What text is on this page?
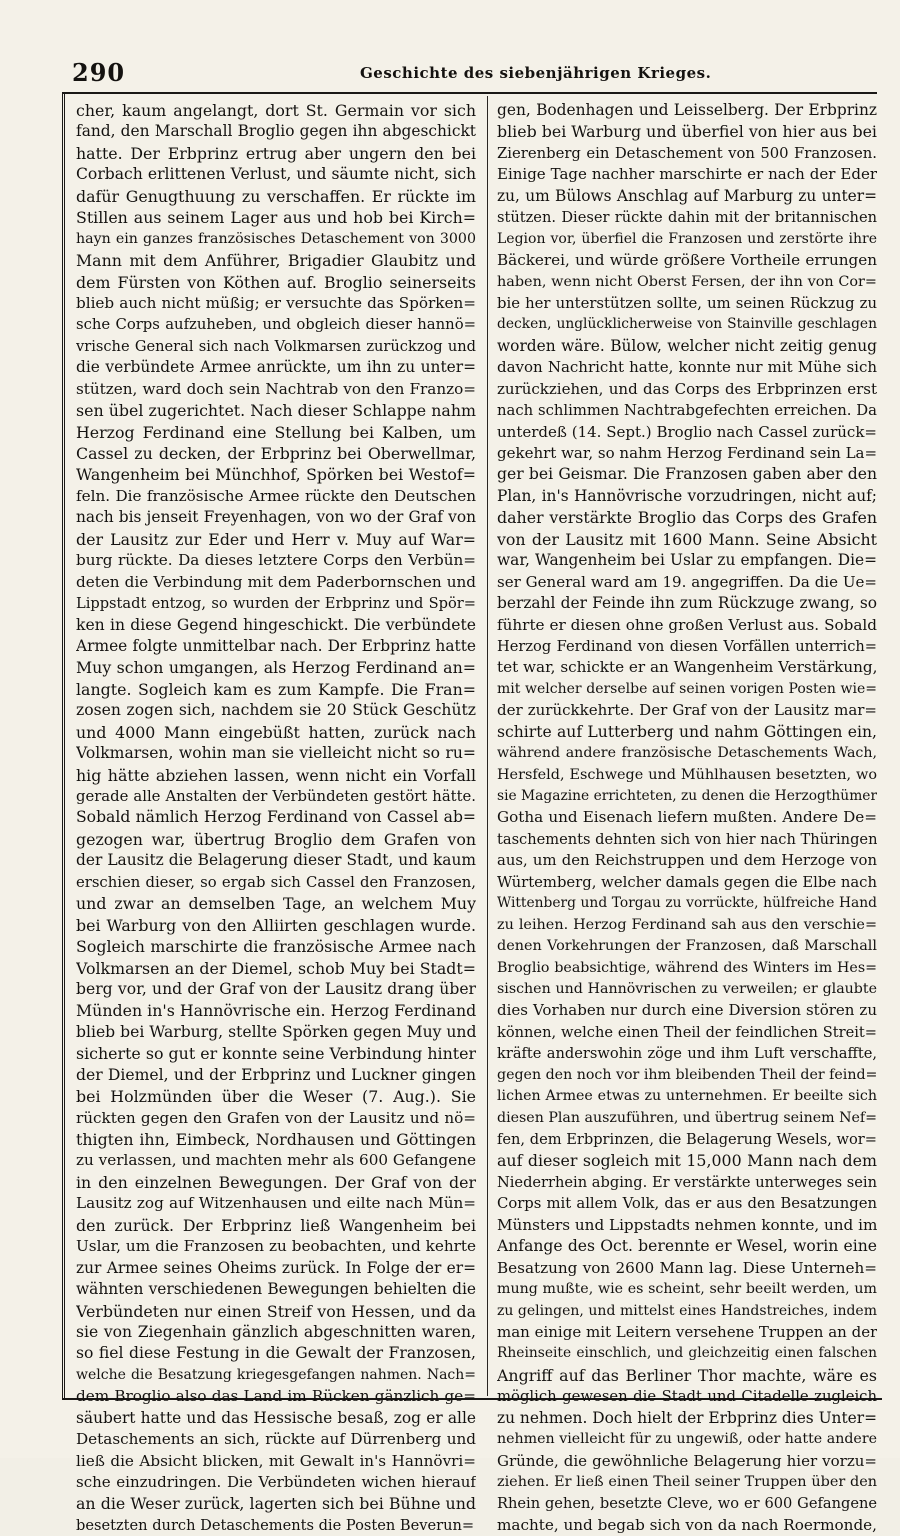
290	Geschichte des siebenjährigen Krieges.
cher, kaum angelangt, dort St. Germain vor sich
fand, den Marschall Broglio gegen ihn abgeschickt
hatte. Der Erbprinz ertrug aber ungern den bei
Corbach erlittenen Verlust, und säumte nicht, sich
dafür Genugthuung zu verschaffen. Er rückte im
Stillen aus seinem Lager aus und hob bei Kirch=
hayn ein ganzes französisches Detaschement von 3000
Mann mit dem Anführer, Brigadier Glaubitz und
dem Fürsten von Köthen auf. Broglio seinerseits
blieb auch nicht müßig; er versuchte das Spörken=
sche Corps aufzuheben, und obgleich dieser hannö=
vrische General sich nach Volkmarsen zurückzog und
die verbündete Armee anrückte, um ihn zu unter=
stützen, ward doch sein Nachtrab von den Franzo=
sen übel zugerichtet. Nach dieser Schlappe nahm
Herzog Ferdinand eine Stellung bei Kalben, um
Cassel zu decken, der Erbprinz bei Oberwellmar,
Wangenheim bei Münchhof, Spörken bei Westof=
feln. Die französische Armee rückte den Deutschen
nach bis jenseit Freyenhagen, von wo der Graf von
der Lausitz zur Eder und Herr v. Muy auf War=
burg rückte. Da dieses letztere Corps den Verbün=
deten die Verbindung mit dem Paderbornschen und
Lippstadt entzog, so wurden der Erbprinz und Spör=
ken in diese Gegend hingeschickt. Die verbündete
Armee folgte unmittelbar nach. Der Erbprinz hatte
Muy schon umgangen, als Herzog Ferdinand an=
langte. Sogleich kam es zum Kampfe. Die Fran=
zosen zogen sich, nachdem sie 20 Stück Geschütz
und 4000 Mann eingebüßt hatten, zurück nach
Volkmarsen, wohin man sie vielleicht nicht so ru=
hig hätte abziehen lassen, wenn nicht ein Vorfall
gerade alle Anstalten der Verbündeten gestört hätte.
Sobald nämlich Herzog Ferdinand von Cassel ab=
gezogen war, übertrug Broglio dem Grafen von
der Lausitz die Belagerung dieser Stadt, und kaum
erschien dieser, so ergab sich Cassel den Franzosen,
und zwar an demselben Tage, an welchem Muy
bei Warburg von den Alliirten geschlagen wurde.
Sogleich marschirte die französische Armee nach
Volkmarsen an der Diemel, schob Muy bei Stadt=
berg vor, und der Graf von der Lausitz drang über
Münden in's Hannövrische ein. Herzog Ferdinand
blieb bei Warburg, stellte Spörken gegen Muy und
sicherte so gut er konnte seine Verbindung hinter
der Diemel, und der Erbprinz und Luckner gingen
bei Holzmünden über die Weser (7. Aug.). Sie
rückten gegen den Grafen von der Lausitz und nö=
thigten ihn, Eimbeck, Nordhausen und Göttingen
zu verlassen, und machten mehr als 600 Gefangene
in den einzelnen Bewegungen. Der Graf von der
Lausitz zog auf Witzenhausen und eilte nach Mün=
den zurück. Der Erbprinz ließ Wangenheim bei
Uslar, um die Franzosen zu beobachten, und kehrte
zur Armee seines Oheims zurück. In Folge der er=
wähnten verschiedenen Bewegungen behielten die
Verbündeten nur einen Streif von Hessen, und da
sie von Ziegenhain gänzlich abgeschnitten waren,
so fiel diese Festung in die Gewalt der Franzosen,
welche die Besatzung kriegesgefangen nahmen. Nach=
dem Broglio also das Land im Rücken gänzlich ge=
säubert hatte und das Hessische besaß, zog er alle
Detaschements an sich, rückte auf Dürrenberg und
ließ die Absicht blicken, mit Gewalt in's Hannövri=
sche einzudringen. Die Verbündeten wichen hierauf
an die Weser zurück, lagerten sich bei Bühne und
besetzten durch Detaschements die Posten Beverun=
gen, Bodenhagen und Leisselberg. Der Erbprinz
blieb bei Warburg und überfiel von hier aus bei
Zierenberg ein Detaschement von 500 Franzosen.
Einige Tage nachher marschirte er nach der Eder
zu, um Bülows Anschlag auf Marburg zu unter=
stützen. Dieser rückte dahin mit der britannischen
Legion vor, überfiel die Franzosen und zerstörte ihre
Bäckerei, und würde größere Vortheile errungen
haben, wenn nicht Oberst Fersen, der ihn von Cor=
bie her unterstützen sollte, um seinen Rückzug zu
decken, unglücklicherweise von Stainville geschlagen
worden wäre. Bülow, welcher nicht zeitig genug
davon Nachricht hatte, konnte nur mit Mühe sich
zurückziehen, und das Corps des Erbprinzen erst
nach schlimmen Nachtrabgefechten erreichen. Da
unterdeß (14. Sept.) Broglio nach Cassel zurück=
gekehrt war, so nahm Herzog Ferdinand sein La=
ger bei Geismar. Die Franzosen gaben aber den
Plan, in's Hannövrische vorzudringen, nicht auf;
daher verstärkte Broglio das Corps des Grafen
von der Lausitz mit 1600 Mann. Seine Absicht
war, Wangenheim bei Uslar zu empfangen. Die=
ser General ward am 19. angegriffen. Da die Ue=
berzahl der Feinde ihn zum Rückzuge zwang, so
führte er diesen ohne großen Verlust aus. Sobald
Herzog Ferdinand von diesen Vorfällen unterrich=
tet war, schickte er an Wangenheim Verstärkung,
mit welcher derselbe auf seinen vorigen Posten wie=
der zurückkehrte. Der Graf von der Lausitz mar=
schirte auf Lutterberg und nahm Göttingen ein,
während andere französische Detaschements Wach,
Hersfeld, Eschwege und Mühlhausen besetzten, wo
sie Magazine errichteten, zu denen die Herzogthümer
Gotha und Eisenach liefern mußten. Andere De=
taschements dehnten sich von hier nach Thüringen
aus, um den Reichstruppen und dem Herzoge von
Würtemberg, welcher damals gegen die Elbe nach
Wittenberg und Torgau zu vorrückte, hülfreiche Hand
zu leihen. Herzog Ferdinand sah aus den verschie=
denen Vorkehrungen der Franzosen, daß Marschall
Broglio beabsichtige, während des Winters im Hes=
sischen und Hannövrischen zu verweilen; er glaubte
dies Vorhaben nur durch eine Diversion stören zu
können, welche einen Theil der feindlichen Streit=
kräfte anderswohin zöge und ihm Luft verschaffte,
gegen den noch vor ihm bleibenden Theil der feind=
lichen Armee etwas zu unternehmen. Er beeilte sich
diesen Plan auszuführen, und übertrug seinem Nef=
fen, dem Erbprinzen, die Belagerung Wesels, wor=
auf dieser sogleich mit 15,000 Mann nach dem
Niederrhein abging. Er verstärkte unterweges sein
Corps mit allem Volk, das er aus den Besatzungen
Münsters und Lippstadts nehmen konnte, und im
Anfange des Oct. berennte er Wesel, worin eine
Besatzung von 2600 Mann lag. Diese Unterneh=
mung mußte, wie es scheint, sehr beeilt werden, um
zu gelingen, und mittelst eines Handstreiches, indem
man einige mit Leitern versehene Truppen an der
Rheinseite einschlich, und gleichzeitig einen falschen
Angriff auf das Berliner Thor machte, wäre es
möglich gewesen die Stadt und Citadelle zugleich
zu nehmen. Doch hielt der Erbprinz dies Unter=
nehmen vielleicht für zu ungewiß, oder hatte andere
Gründe, die gewöhnliche Belagerung hier vorzu=
ziehen. Er ließ einen Theil seiner Truppen über den
Rhein gehen, besetzte Cleve, wo er 600 Gefangene
machte, und begab sich von da nach Roermonde,
